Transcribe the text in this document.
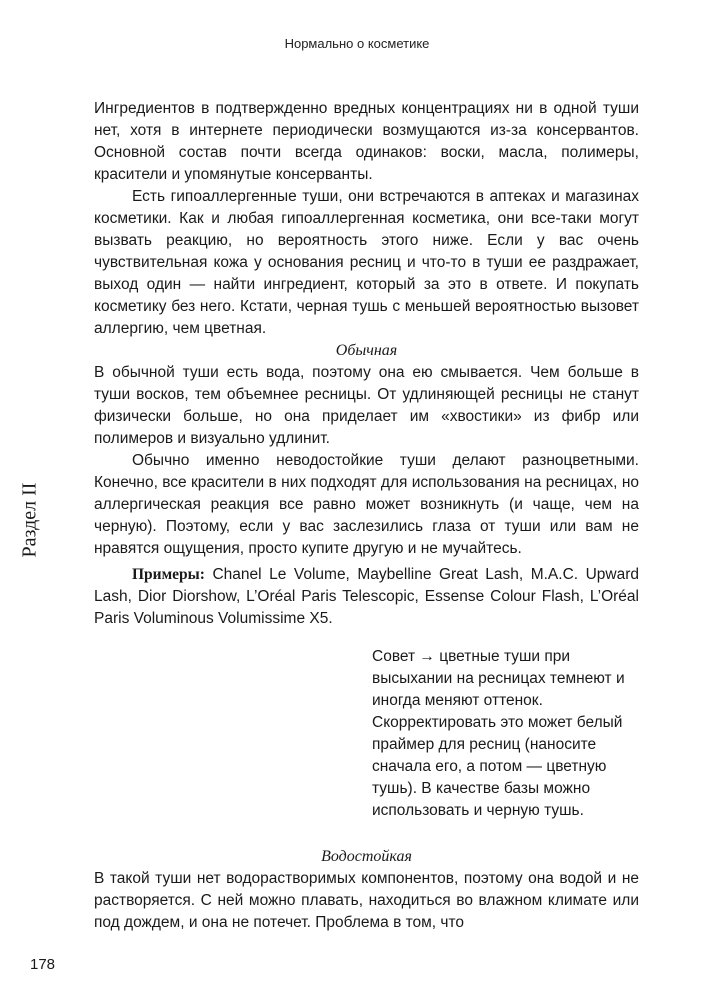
Нормально о косметике
Раздел II

Ингредиентов в подтвержденно вредных концентрациях ни в одной туши нет, хотя в интернете периодически возмущаются из-за консервантов. Основной состав почти всегда одинаков: воски, масла, полимеры, красители и упомянутые консерванты.

Есть гипоаллергенные туши, они встречаются в аптеках и магазинах косметики. Как и любая гипоаллергенная косметика, они все-таки могут вызвать реакцию, но вероятность этого ниже. Если у вас очень чувствительная кожа у основания ресниц и что-то в туши ее раздражает, выход один — найти ингредиент, который за это в ответе. И покупать косметику без него. Кстати, черная тушь с меньшей вероятностью вызовет аллергию, чем цветная.

Обычная

В обычной туши есть вода, поэтому она ею смывается. Чем больше в туши восков, тем объемнее ресницы. От удлиняющей ресницы не станут физически больше, но она приделает им «хвостики» из фибр или полимеров и визуально удлинит.

Обычно именно неводостойкие туши делают разноцветными. Конечно, все красители в них подходят для использования на ресницах, но аллергическая реакция все равно может возникнуть (и чаще, чем на черную). Поэтому, если у вас заслезились глаза от туши или вам не нравятся ощущения, просто купите другую и не мучайтесь.

Примеры: Chanel Le Volume, Maybelline Great Lash, M.A.C. Upward Lash, Dior Diorshow, L’Oréal Paris Telescopic, Essense Colour Flash, L’Oréal Paris Voluminous Volumissime X5.

Совет → цветные туши при высыхании на ресницах темнеют и иногда меняют оттенок. Скорректировать это может белый праймер для ресниц (наносите сначала его, а потом — цветную тушь). В качестве базы можно использовать и черную тушь.

Водостойкая

В такой туши нет водорастворимых компонентов, поэтому она водой и не растворяется. С ней можно плавать, находиться во влажном климате или под дождем, и она не потечет. Проблема в том, что

178
